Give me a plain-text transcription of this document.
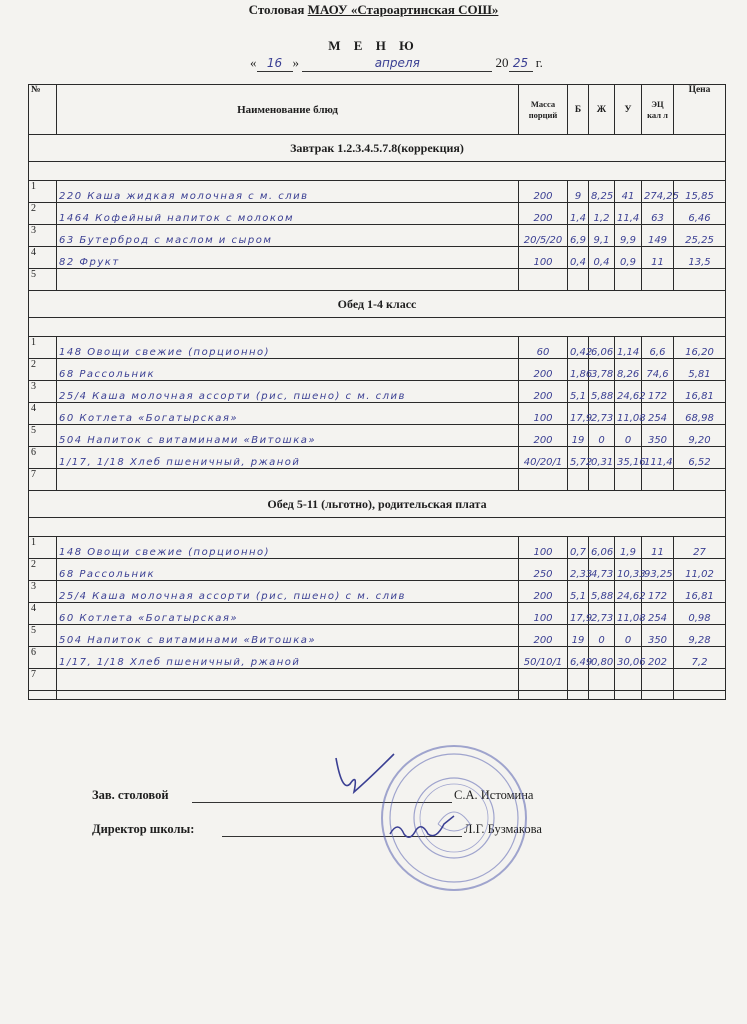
Столовая МАОУ «Староартинская СОШ»
М Е Н Ю
« 16 »	апреля	20 25 г.
№	Наименование блюд	Масса порций	Б	Ж	У	ЭЦ кал л	Цена
Завтрак 1.2.3.4.5.7.8(коррекция)							

1	220 Каша жидкая молочная с м. слив	200	9	8,25	41	274,25	15,85
2	1464 Кофейный напиток с молоком	200	1,4	1,2	11,4	63	6,46
3	63 Бутерброд с маслом и сыром	20/5/20	6,9	9,1	9,9	149	25,25
4	82 Фрукт	100	0,4	0,4	0,9	11	13,5
5							
Обед 1-4 класс							

1	148 Овощи свежие (порционно)	60	0,42	6,06	1,14	6,6	16,20
2	68 Рассольник	200	1,86	3,78	8,26	74,6	5,81
3	25/4 Каша молочная ассорти (рис, пшено) с м. слив	200	5,1	5,88	24,62	172	16,81
4	60 Котлета «Богатырская»	100	17,9	2,73	11,08	254	68,98
5	504 Напиток с витаминами «Витошка»	200	19	0	0	350	9,20
6	1/17, 1/18 Хлеб пшеничный, ржаной	40/20/1	5,72	0,31	35,16	111,4	6,52
7							
Обед 5-11 (льготно), родительская плата							

1	148 Овощи свежие (порционно)	100	0,7	6,06	1,9	11	27
2	68 Рассольник	250	2,33	4,73	10,33	93,25	11,02
3	25/4 Каша молочная ассорти (рис, пшено) с м. слив	200	5,1	5,88	24,62	172	16,81
4	60 Котлета «Богатырская»	100	17,9	2,73	11,08	254	0,98
5	504 Напиток с витаминами «Витошка»	200	19	0	0	350	9,28
6	1/17, 1/18 Хлеб пшеничный, ржаной	50/10/1	6,49	0,80	30,06	202	7,2
7							

Зав. столовой	С.А. Истомина
Директор школы:	Л.Г. Бузмакова
